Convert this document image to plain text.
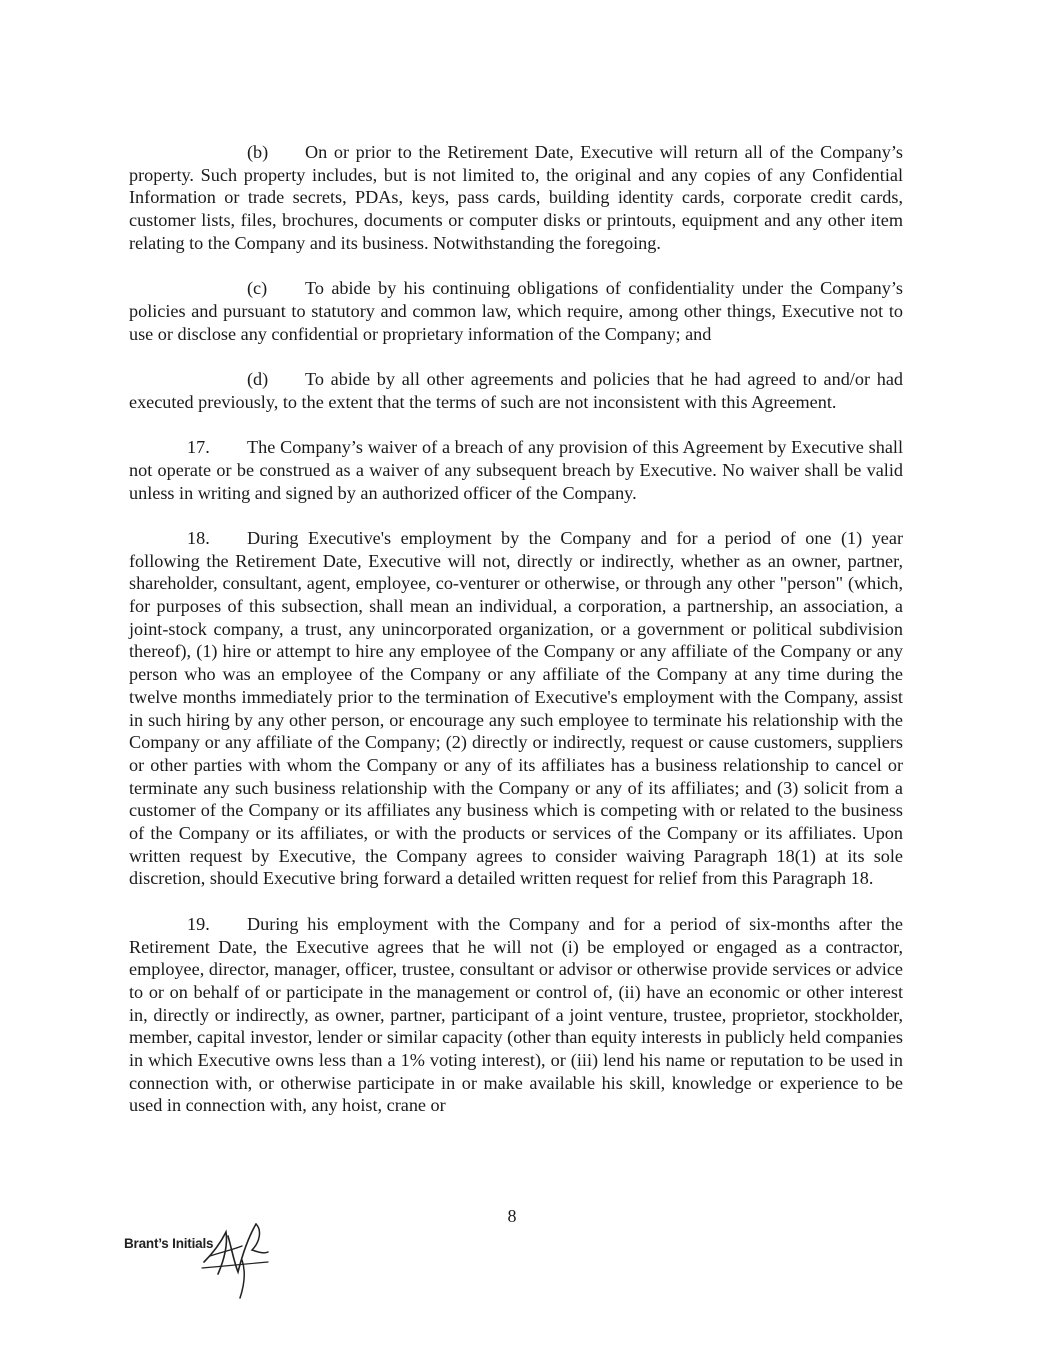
(b) On or prior to the Retirement Date, Executive will return all of the Company’s property. Such property includes, but is not limited to, the original and any copies of any Confidential Information or trade secrets, PDAs, keys, pass cards, building identity cards, corporate credit cards, customer lists, files, brochures, documents or computer disks or printouts, equipment and any other item relating to the Company and its business. Notwithstanding the foregoing.

(c) To abide by his continuing obligations of confidentiality under the Company’s policies and pursuant to statutory and common law, which require, among other things, Executive not to use or disclose any confidential or proprietary information of the Company; and

(d) To abide by all other agreements and policies that he had agreed to and/or had executed previously, to the extent that the terms of such are not inconsistent with this Agreement.

17. The Company’s waiver of a breach of any provision of this Agreement by Executive shall not operate or be construed as a waiver of any subsequent breach by Executive. No waiver shall be valid unless in writing and signed by an authorized officer of the Company.

18. During Executive's employment by the Company and for a period of one (1) year following the Retirement Date, Executive will not, directly or indirectly, whether as an owner, partner, shareholder, consultant, agent, employee, co-venturer or otherwise, or through any other "person" (which, for purposes of this subsection, shall mean an individual, a corporation, a partnership, an association, a joint-stock company, a trust, any unincorporated organization, or a government or political subdivision thereof), (1) hire or attempt to hire any employee of the Company or any affiliate of the Company or any person who was an employee of the Company or any affiliate of the Company at any time during the twelve months immediately prior to the termination of Executive's employment with the Company, assist in such hiring by any other person, or encourage any such employee to terminate his relationship with the Company or any affiliate of the Company; (2) directly or indirectly, request or cause customers, suppliers or other parties with whom the Company or any of its affiliates has a business relationship to cancel or terminate any such business relationship with the Company or any of its affiliates; and (3) solicit from a customer of the Company or its affiliates any business which is competing with or related to the business of the Company or its affiliates, or with the products or services of the Company or its affiliates. Upon written request by Executive, the Company agrees to consider waiving Paragraph 18(1) at its sole discretion, should Executive bring forward a detailed written request for relief from this Paragraph 18.

19. During his employment with the Company and for a period of six-months after the Retirement Date, the Executive agrees that he will not (i) be employed or engaged as a contractor, employee, director, manager, officer, trustee, consultant or advisor or otherwise provide services or advice to or on behalf of or participate in the management or control of, (ii) have an economic or other interest in, directly or indirectly, as owner, partner, participant of a joint venture, trustee, proprietor, stockholder, member, capital investor, lender or similar capacity (other than equity interests in publicly held companies in which Executive owns less than a 1% voting interest), or (iii) lend his name or reputation to be used in connection with, or otherwise participate in or make available his skill, knowledge or experience to be used in connection with, any hoist, crane or

8
Brant’s Initials
